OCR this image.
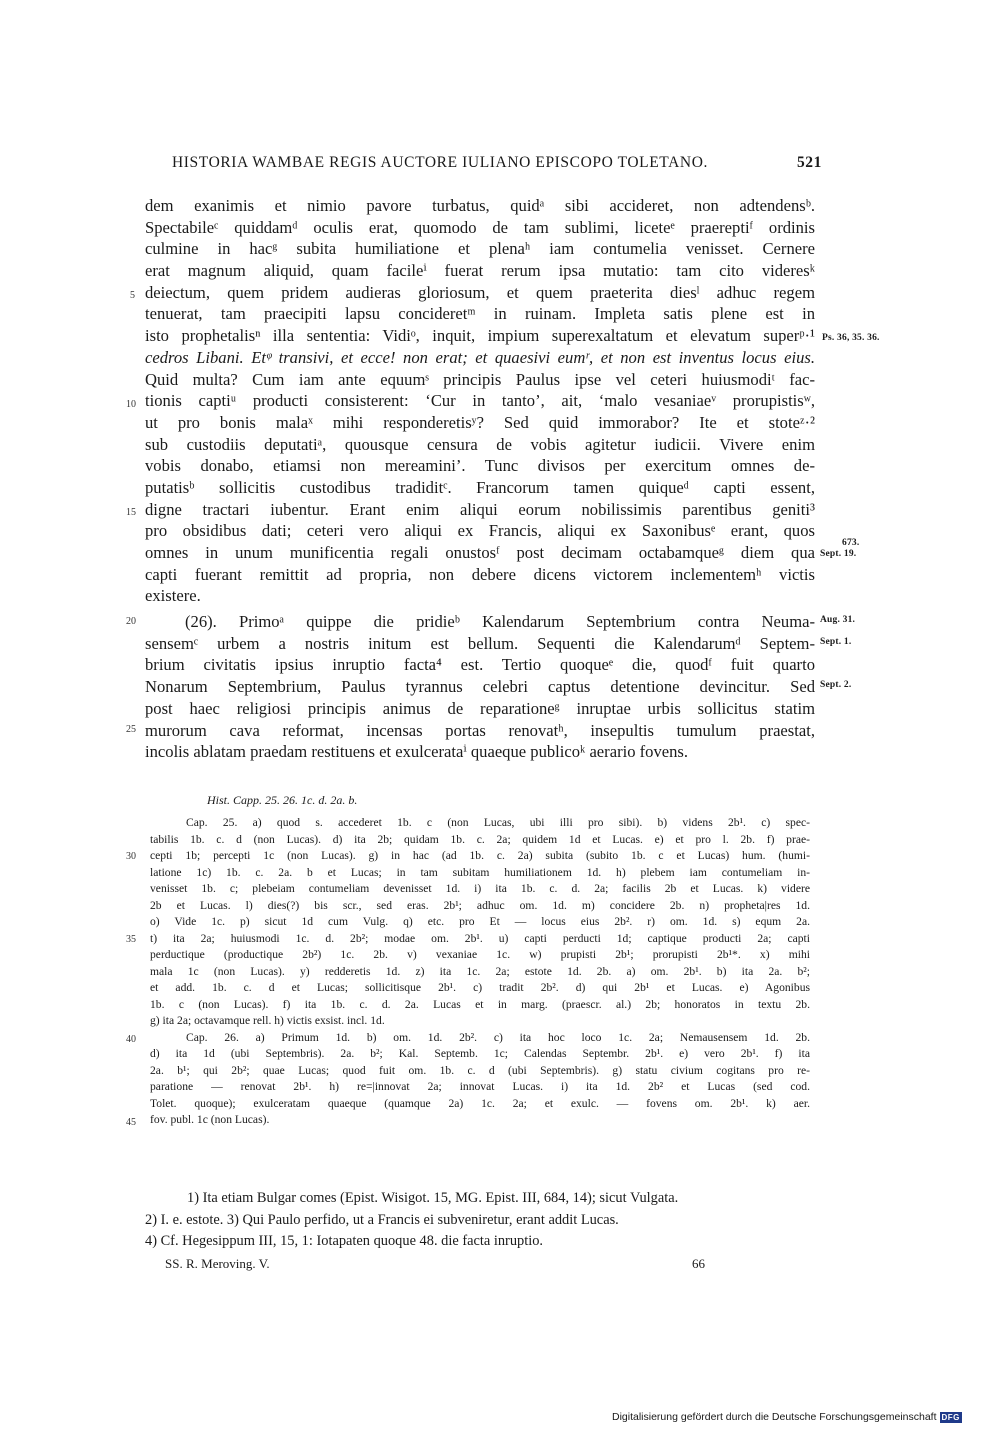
HISTORIA WAMBAE REGIS AUCTORE IULIANO EPISCOPO TOLETANO.	521
dem exanimis et nimio pavore turbatus, quidᵃ sibi accideret, non adtendensᵇ.
Spectabileᶜ quiddamᵈ oculis erat, quomodo de tam sublimi, liceteᵉ praereptiᶠ ordinis
culmine in hacᵍ subita humiliatione et plenaʰ iam contumelia venisset. Cernere
erat magnum aliquid, quam facileⁱ fuerat rerum ipsa mutatio: tam cito videresᵏ
deiectum, quem pridem audieras gloriosum, et quem praeterita diesˡ adhuc regem
tenuerat, tam praecipiti lapsu concideretᵐ in ruinam. Impleta satis plene est in
isto prophetalisⁿ illa sententia: Vidiᵒ, inquit, impium superexaltatum et elevatum superᵖ·¹
cedros Libani. Etᵠ transivi, et ecce! non erat; et quaesivi eumʳ, et non est inventus locus eius.
Quid multa? Cum iam ante equumˢ principis Paulus ipse vel ceteri huiusmodiᵗ fac-
tionis captiᵘ producti consisterent: ‘Cur in tanto’, ait, ‘malo vesaniaeᵛ prorupistisʷ,
ut pro bonis malaˣ mihi responderetisʸ? Sed quid immorabor? Ite et stoteᶻ·²
sub custodiis deputatiᵃ, quousque censura de vobis agitetur iudicii. Vivere enim
vobis donabo, etiamsi non mereamini’. Tunc divisos per exercitum omnes de-
putatisᵇ sollicitis custodibus tradiditᶜ. Francorum tamen quiqueᵈ capti essent,
digne tractari iubentur. Erant enim aliqui eorum nobilissimis parentibus geniti³
pro obsidibus dati; ceteri vero aliqui ex Francis, aliqui ex Saxonibusᵉ erant, quos
omnes in unum munificentia regali onustosᶠ post decimam octabamqueᵍ diem qua
capti fuerant remittit ad propria, non debere dicens victorem inclementemʰ victis
existere.
(26). Primoᵃ quippe die pridieᵇ Kalendarum Septembrium contra Neuma-
sensemᶜ urbem a nostris initum est bellum. Sequenti die Kalendarumᵈ Septem-
brium civitatis ipsius inruptio facta⁴ est. Tertio quoqueᵉ die, quodᶠ fuit quarto
Nonarum Septembrium, Paulus tyrannus celebri captus detentione devincitur. Sed
post haec religiosi principis animus de reparationeᵍ inruptae urbis sollicitus statim
murorum cava reformat, incensas portas renovatʰ, insepultis tumulum praestat,
incolis ablatam praedam restituens et exulcerataⁱ quaeque publicoᵏ aerario fovens.
5
10
15
20
25
Ps. 36, 35. 36.
673.
Sept. 19.
Aug. 31.
Sept. 1.
Sept. 2.
Hist. Capp. 25. 26. 1c. d. 2a. b.
Cap. 25. a) quod s. accederet 1b. c (non Lucas, ubi illi pro sibi). b) videns 2b¹. c) spec-
tabilis 1b. c. d (non Lucas). d) ita 2b; quidam 1b. c. 2a; quidem 1d et Lucas. e) et pro l. 2b. f) prae-
cepti 1b; percepti 1c (non Lucas). g) in hac (ad 1b. c. 2a) subita (subito 1b. c et Lucas) hum. (humi-
latione 1c) 1b. c. 2a. b et Lucas; in tam subitam humiliationem 1d. h) plebem iam contumeliam in-
venisset 1b. c; plebeiam contumeliam devenisset 1d. i) ita 1b. c. d. 2a; facilis 2b et Lucas. k) videre
2b et Lucas. l) dies(?) bis scr., sed eras. 2b¹; adhuc om. 1d. m) concidere 2b. n) propheta|res 1d.
o) Vide 1c. p) sicut 1d cum Vulg. q) etc. pro Et — locus eius 2b². r) om. 1d. s) equm 2a.
t) ita 2a; huiusmodi 1c. d. 2b²; modae om. 2b¹. u) capti perducti 1d; captique producti 2a; capti
perductique (productique 2b²) 1c. 2b. v) vexaniae 1c. w) prupisti 2b¹; prorupisti 2b¹*. x) mihi
mala 1c (non Lucas). y) redderetis 1d. z) ita 1c. 2a; estote 1d. 2b. a) om. 2b¹. b) ita 2a. b²;
et add. 1b. c. d et Lucas; sollicitisque 2b¹. c) tradit 2b². d) qui 2b¹ et Lucas. e) Agonibus
1b. c (non Lucas). f) ita 1b. c. d. 2a. Lucas et in marg. (praescr. al.) 2b; honoratos in textu 2b.
g) ita 2a; octavamque rell. h) victis exsist. incl. 1d.
Cap. 26. a) Primum 1d. b) om. 1d. 2b². c) ita hoc loco 1c. 2a; Nemausensem 1d. 2b.
d) ita 1d (ubi Septembris). 2a. b²; Kal. Septemb. 1c; Calendas Septembr. 2b¹. e) vero 2b¹. f) ita
2a. b¹; qui 2b²; quae Lucas; quod fuit om. 1b. c. d (ubi Septembris). g) statu civium cogitans pro re-
paratione — renovat 2b¹. h) re=|innovat 2a; innovat Lucas. i) ita 1d. 2b² et Lucas (sed cod.
Tolet. quoque); exulceratam quaeque (quamque 2a) 1c. 2a; et exulc. — fovens om. 2b¹. k) aer.
fov. publ. 1c (non Lucas).
30
35
40
45
1) Ita etiam Bulgar comes (Epist. Wisigot. 15, MG. Epist. III, 684, 14); sicut Vulgata.
2) I. e. estote. 3) Qui Paulo perfido, ut a Francis ei subveniretur, erant addit Lucas.
4) Cf. Hegesippum III, 15, 1: Iotapaten quoque 48. die facta inruptio.
SS. R. Meroving. V.	66
Digitalisierung gefördert durch die Deutsche Forschungsgemeinschaft DFG
